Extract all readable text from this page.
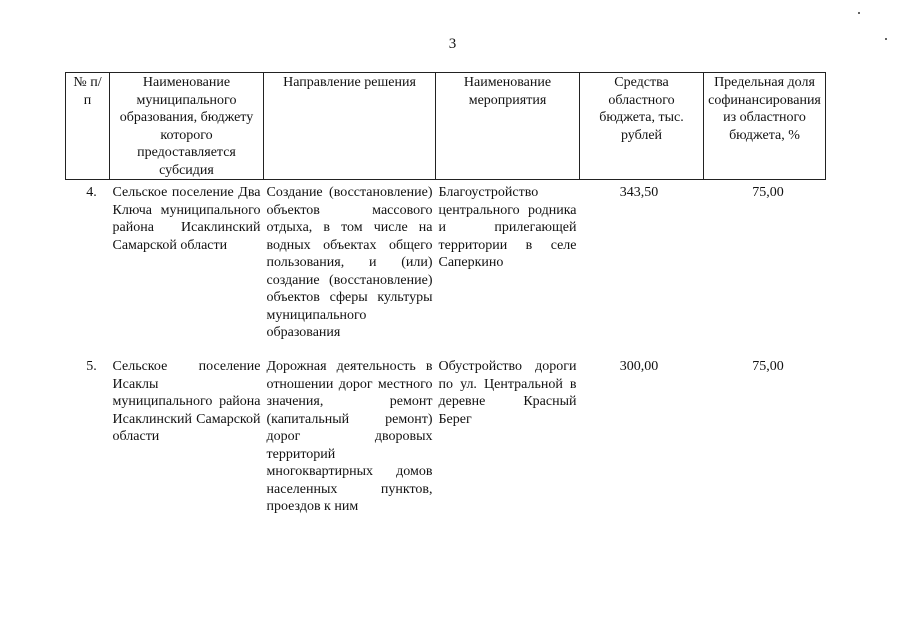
3
№ п/п	Наименование муниципального образования, бюджету которого предоставляется субсидия	Направление решения	Наименование мероприятия	Средства областного бюджета, тыс. рублей	Предельная доля софинансирования из областного бюджета, %
4.	Сельское поселение Два Ключа муниципального района Исаклинский Самарской области	Создание (восстановление) объектов массового отдыха, в том числе на водных объектах общего пользования, и (или) создание (восстановление) объектов сферы культуры муниципального образования	Благоустройство центрального родника и прилегающей территории в селе Саперкино	343,50	75,00
5.	Сельское поселение Исаклы муниципального района Исаклинский Самарской области	Дорожная деятельность в отношении дорог местного значения, ремонт (капитальный ремонт) дорог дворовых территорий многоквартирных домов населенных пунктов, проездов к ним	Обустройство дороги по ул. Центральной в деревне Красный Берег	300,00	75,00
